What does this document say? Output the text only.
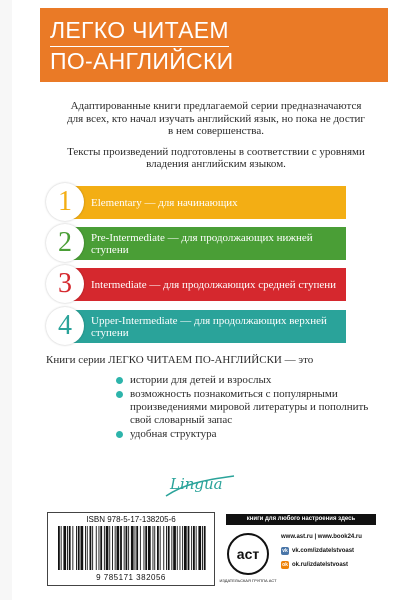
ЛЕГКО ЧИТАЕМ
ПО-АНГЛИЙСКИ

Адаптированные книги предлагаемой серии предназначаются для всех, кто начал изучать английский язык, но пока не достиг в нем совершенства.

Тексты произведений подготовлены в соответствии с уровнями владения английским языком.

1	Elementary — для начинающих
2	Pre-Intermediate — для продолжающих нижней ступени
3	Intermediate — для продолжающих средней ступени
4	Upper-Intermediate — для продолжающих верхней ступени
Книги серии ЛЕГКО ЧИТАЕМ ПО-АНГЛИЙСКИ — это
истории для детей и взрослых
возможность познакомиться с популярными произведениями мировой литературы и пополнить свой словарный запас
удобная структура
Lingua
ISBN 978-5-17-138205-6
9 785171 382056
книги для любого настроения здесь
аст
ИЗДАТЕЛЬСКАЯ ГРУППА АСТ
www.ast.ru | www.book24.ru
vk vk.com/izdatelstvoast
ok ok.ru/izdatelstvoast
